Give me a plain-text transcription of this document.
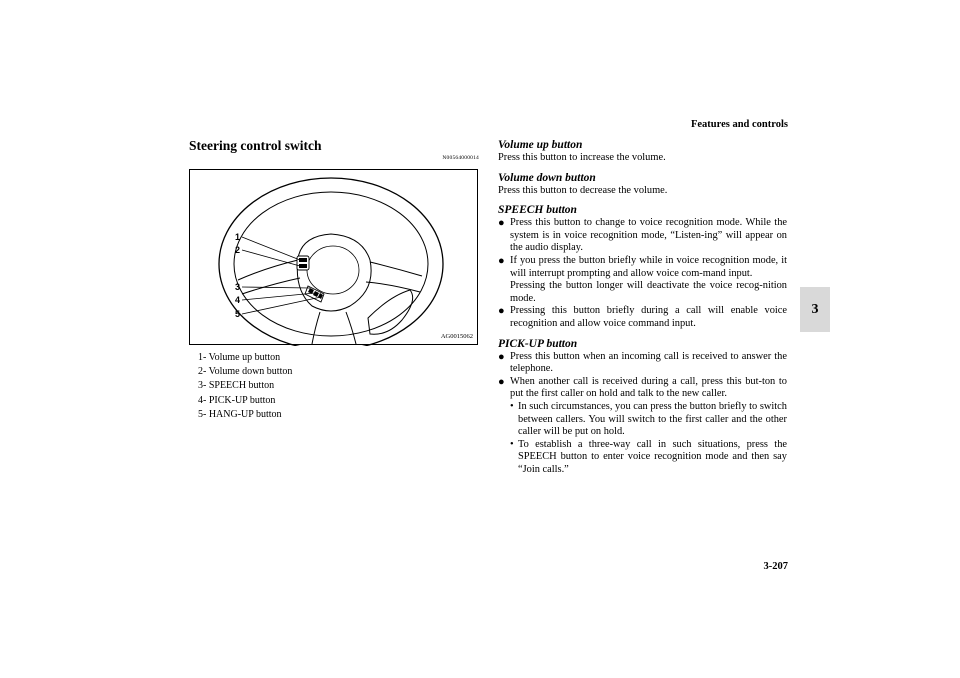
Features and controls
3
Steering control switch
N00564000014
1
2
3
4
5
AG0015062
1- Volume up button
2- Volume down button
3- SPEECH button
4- PICK-UP button
5- HANG-UP button
Volume up button

Press this button to increase the volume.

Volume down button

Press this button to decrease the volume.

SPEECH button
● Press this button to change to voice recognition mode. While the system is in voice recognition mode, “Listen-ing” will appear on the audio display.
● If you press the button briefly while in voice recognition mode, it will interrupt prompting and allow voice com-mand input.
Pressing the button longer will deactivate the voice recog-nition mode.
● Pressing this button briefly during a call will enable voice recognition and allow voice command input.
PICK-UP button
● Press this button when an incoming call is received to answer the telephone.
● When another call is received during a call, press this but-ton to put the first caller on hold and talk to the new caller.
• In such circumstances, you can press the button briefly to switch between callers. You will switch to the first caller and the other caller will be put on hold.
• To establish a three-way call in such situations, press the SPEECH button to enter voice recognition mode and then say “Join calls.”
3-207
